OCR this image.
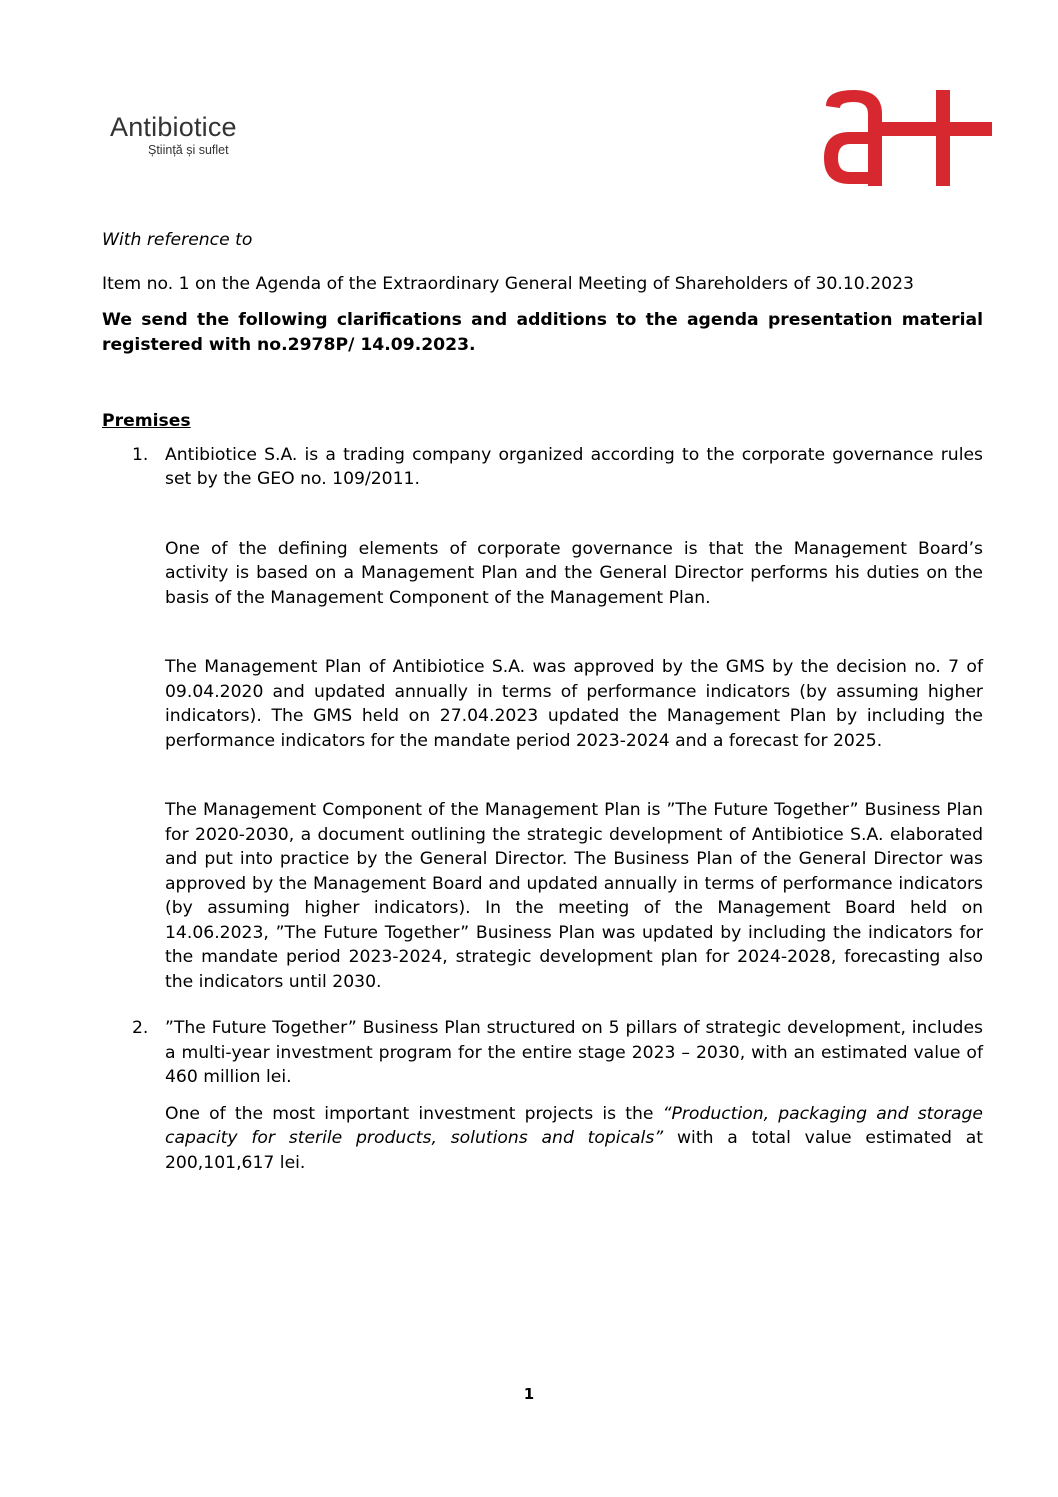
Antibiotice
Știință și suflet

With reference to

Item no. 1 on the Agenda of the Extraordinary General Meeting of Shareholders of 30.10.2023

We send the following clarifications and additions to the agenda presentation material registered with no.2978P/ 14.09.2023.

Premises
1. Antibiotice S.A. is a trading company organized according to the corporate governance rules set by the GEO no. 109/2011.

One of the defining elements of corporate governance is that the Management Board’s activity is based on a Management Plan and the General Director performs his duties on the basis of the Management Component of the Management Plan.

The Management Plan of Antibiotice S.A. was approved by the GMS by the decision no. 7 of 09.04.2020 and updated annually in terms of performance indicators (by assuming higher indicators). The GMS held on 27.04.2023 updated the Management Plan by including the performance indicators for the mandate period 2023-2024 and a forecast for 2025.

The Management Component of the Management Plan is ”The Future Together” Business Plan for 2020-2030, a document outlining the strategic development of Antibiotice S.A. elaborated and put into practice by the General Director. The Business Plan of the General Director was approved by the Management Board and updated annually in terms of performance indicators (by assuming higher indicators). In the meeting of the Management Board held on 14.06.2023, ”The Future Together” Business Plan was updated by including the indicators for the mandate period 2023-2024, strategic development plan for 2024-2028, forecasting also the indicators until 2030.

2. ”The Future Together” Business Plan structured on 5 pillars of strategic development, includes a multi-year investment program for the entire stage 2023 – 2030, with an estimated value of 460 million lei.

One of the most important investment projects is the “Production, packaging and storage capacity for sterile products, solutions and topicals” with a total value estimated at 200,101,617 lei.

1
